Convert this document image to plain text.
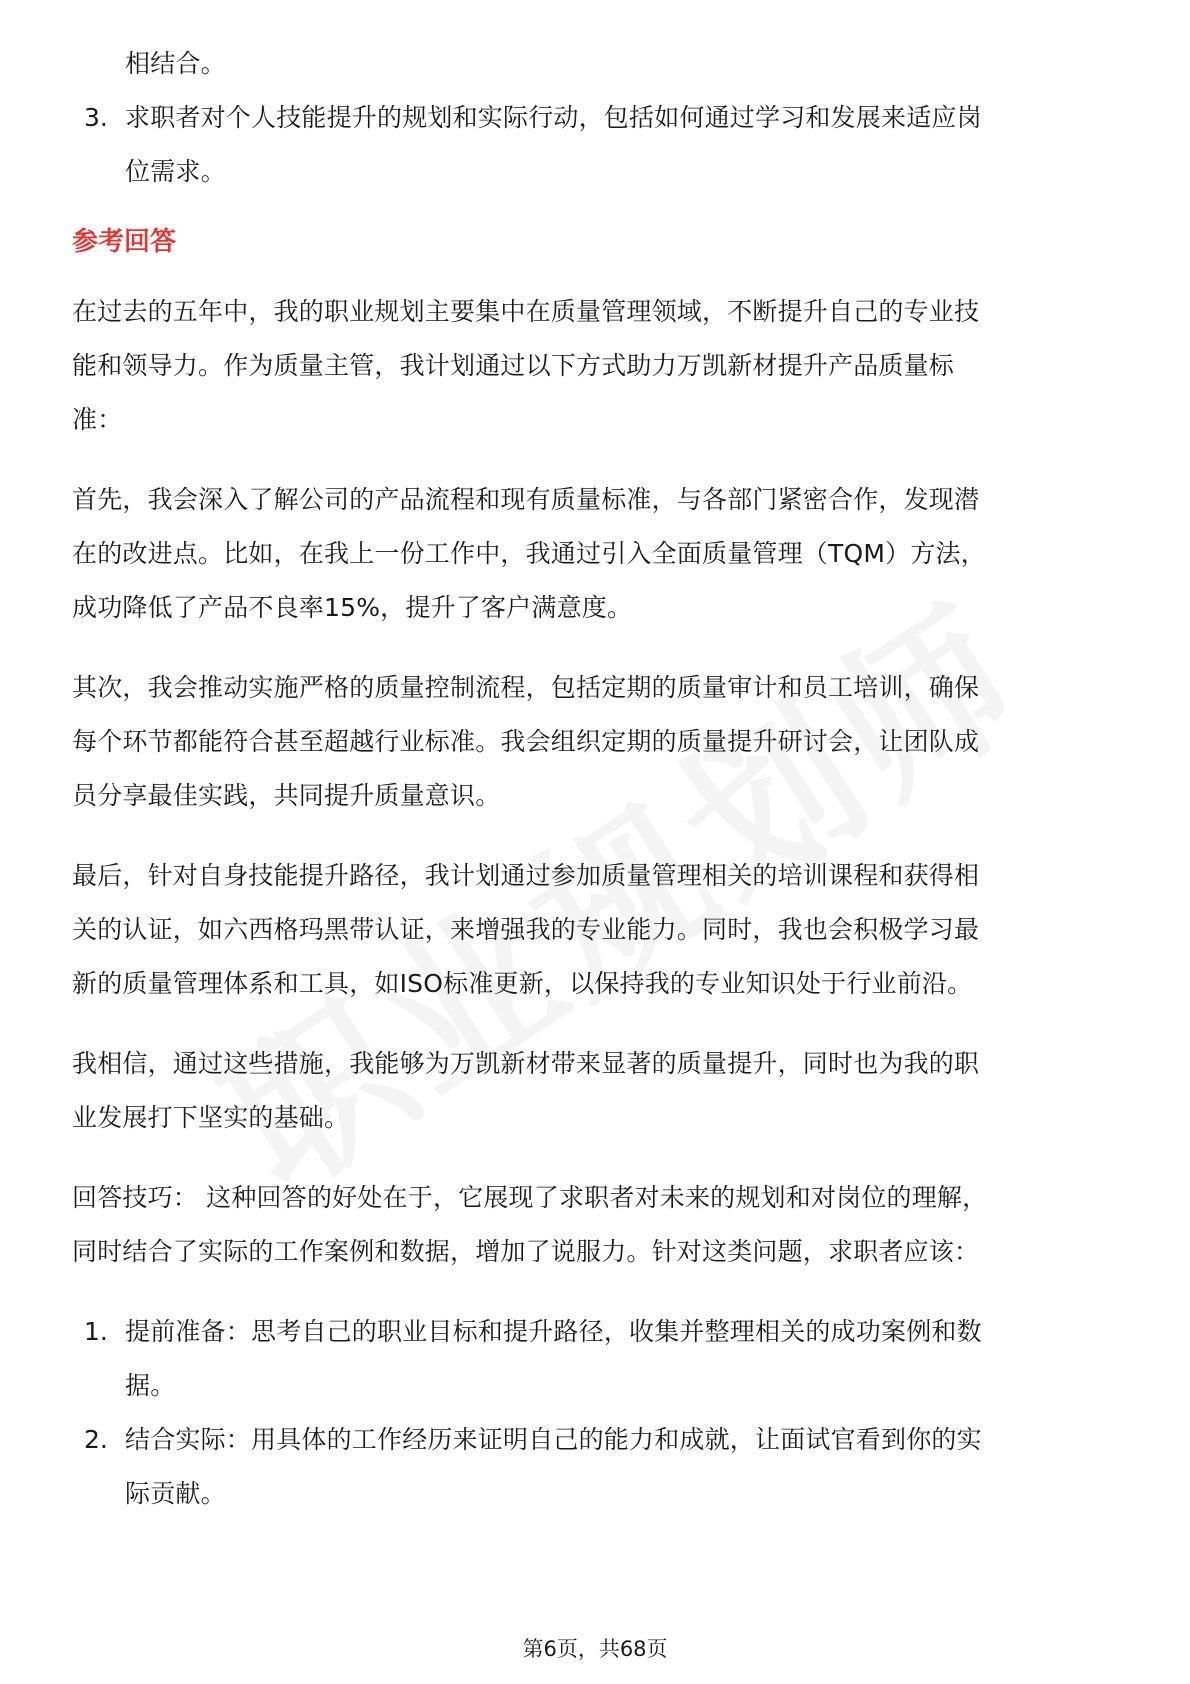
相结合。
3. 求职者对个人技能提升的规划和实际行动，包括如何通过学习和发展来适应岗
位需求。
参考回答
在过去的五年中，我的职业规划主要集中在质量管理领域，不断提升自己的专业技
能和领导力。作为质量主管，我计划通过以下方式助力万凯新材提升产品质量标
准：
首先，我会深入了解公司的产品流程和现有质量标准，与各部门紧密合作，发现潜
在的改进点。比如，在我上一份工作中，我通过引入全面质量管理（TQM）方法，
成功降低了产品不良率15%，提升了客户满意度。
其次，我会推动实施严格的质量控制流程，包括定期的质量审计和员工培训，确保
每个环节都能符合甚至超越行业标准。我会组织定期的质量提升研讨会，让团队成
员分享最佳实践，共同提升质量意识。
最后，针对自身技能提升路径，我计划通过参加质量管理相关的培训课程和获得相
关的认证，如六西格玛黑带认证，来增强我的专业能力。同时，我也会积极学习最
新的质量管理体系和工具，如ISO标准更新，以保持我的专业知识处于行业前沿。
我相信，通过这些措施，我能够为万凯新材带来显著的质量提升，同时也为我的职
业发展打下坚实的基础。
回答技巧： 这种回答的好处在于，它展现了求职者对未来的规划和对岗位的理解，
同时结合了实际的工作案例和数据，增加了说服力。针对这类问题，求职者应该：
1. 提前准备：思考自己的职业目标和提升路径，收集并整理相关的成功案例和数
据。
2. 结合实际：用具体的工作经历来证明自己的能力和成就，让面试官看到你的实
际贡献。
第6页，共68页
